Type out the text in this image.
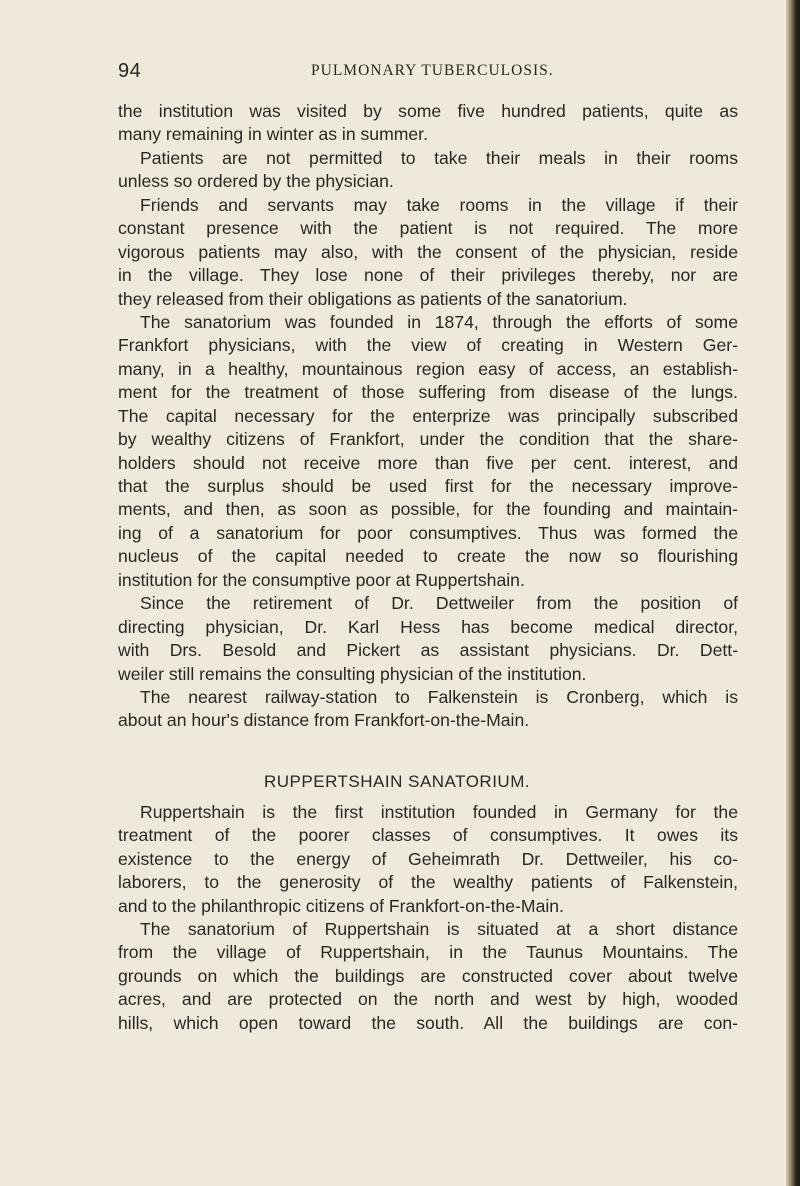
94	PULMONARY TUBERCULOSIS.
the institution was visited by some five hundred patients, quite as
many remaining in winter as in summer.
Patients are not permitted to take their meals in their rooms
unless so ordered by the physician.
Friends and servants may take rooms in the village if their
constant presence with the patient is not required. The more
vigorous patients may also, with the consent of the physician, reside
in the village. They lose none of their privileges thereby, nor are
they released from their obligations as patients of the sanatorium.
The sanatorium was founded in 1874, through the efforts of some
Frankfort physicians, with the view of creating in Western Ger-
many, in a healthy, mountainous region easy of access, an establish-
ment for the treatment of those suffering from disease of the lungs.
The capital necessary for the enterprize was principally subscribed
by wealthy citizens of Frankfort, under the condition that the share-
holders should not receive more than five per cent. interest, and
that the surplus should be used first for the necessary improve-
ments, and then, as soon as possible, for the founding and maintain-
ing of a sanatorium for poor consumptives. Thus was formed the
nucleus of the capital needed to create the now so flourishing
institution for the consumptive poor at Ruppertshain.
Since the retirement of Dr. Dettweiler from the position of
directing physician, Dr. Karl Hess has become medical director,
with Drs. Besold and Pickert as assistant physicians. Dr. Dett-
weiler still remains the consulting physician of the institution.
The nearest railway-station to Falkenstein is Cronberg, which is
about an hour's distance from Frankfort-on-the-Main.
RUPPERTSHAIN SANATORIUM.
Ruppertshain is the first institution founded in Germany for the
treatment of the poorer classes of consumptives. It owes its
existence to the energy of Geheimrath Dr. Dettweiler, his co-
laborers, to the generosity of the wealthy patients of Falkenstein,
and to the philanthropic citizens of Frankfort-on-the-Main.
The sanatorium of Ruppertshain is situated at a short distance
from the village of Ruppertshain, in the Taunus Mountains. The
grounds on which the buildings are constructed cover about twelve
acres, and are protected on the north and west by high, wooded
hills, which open toward the south. All the buildings are con-
